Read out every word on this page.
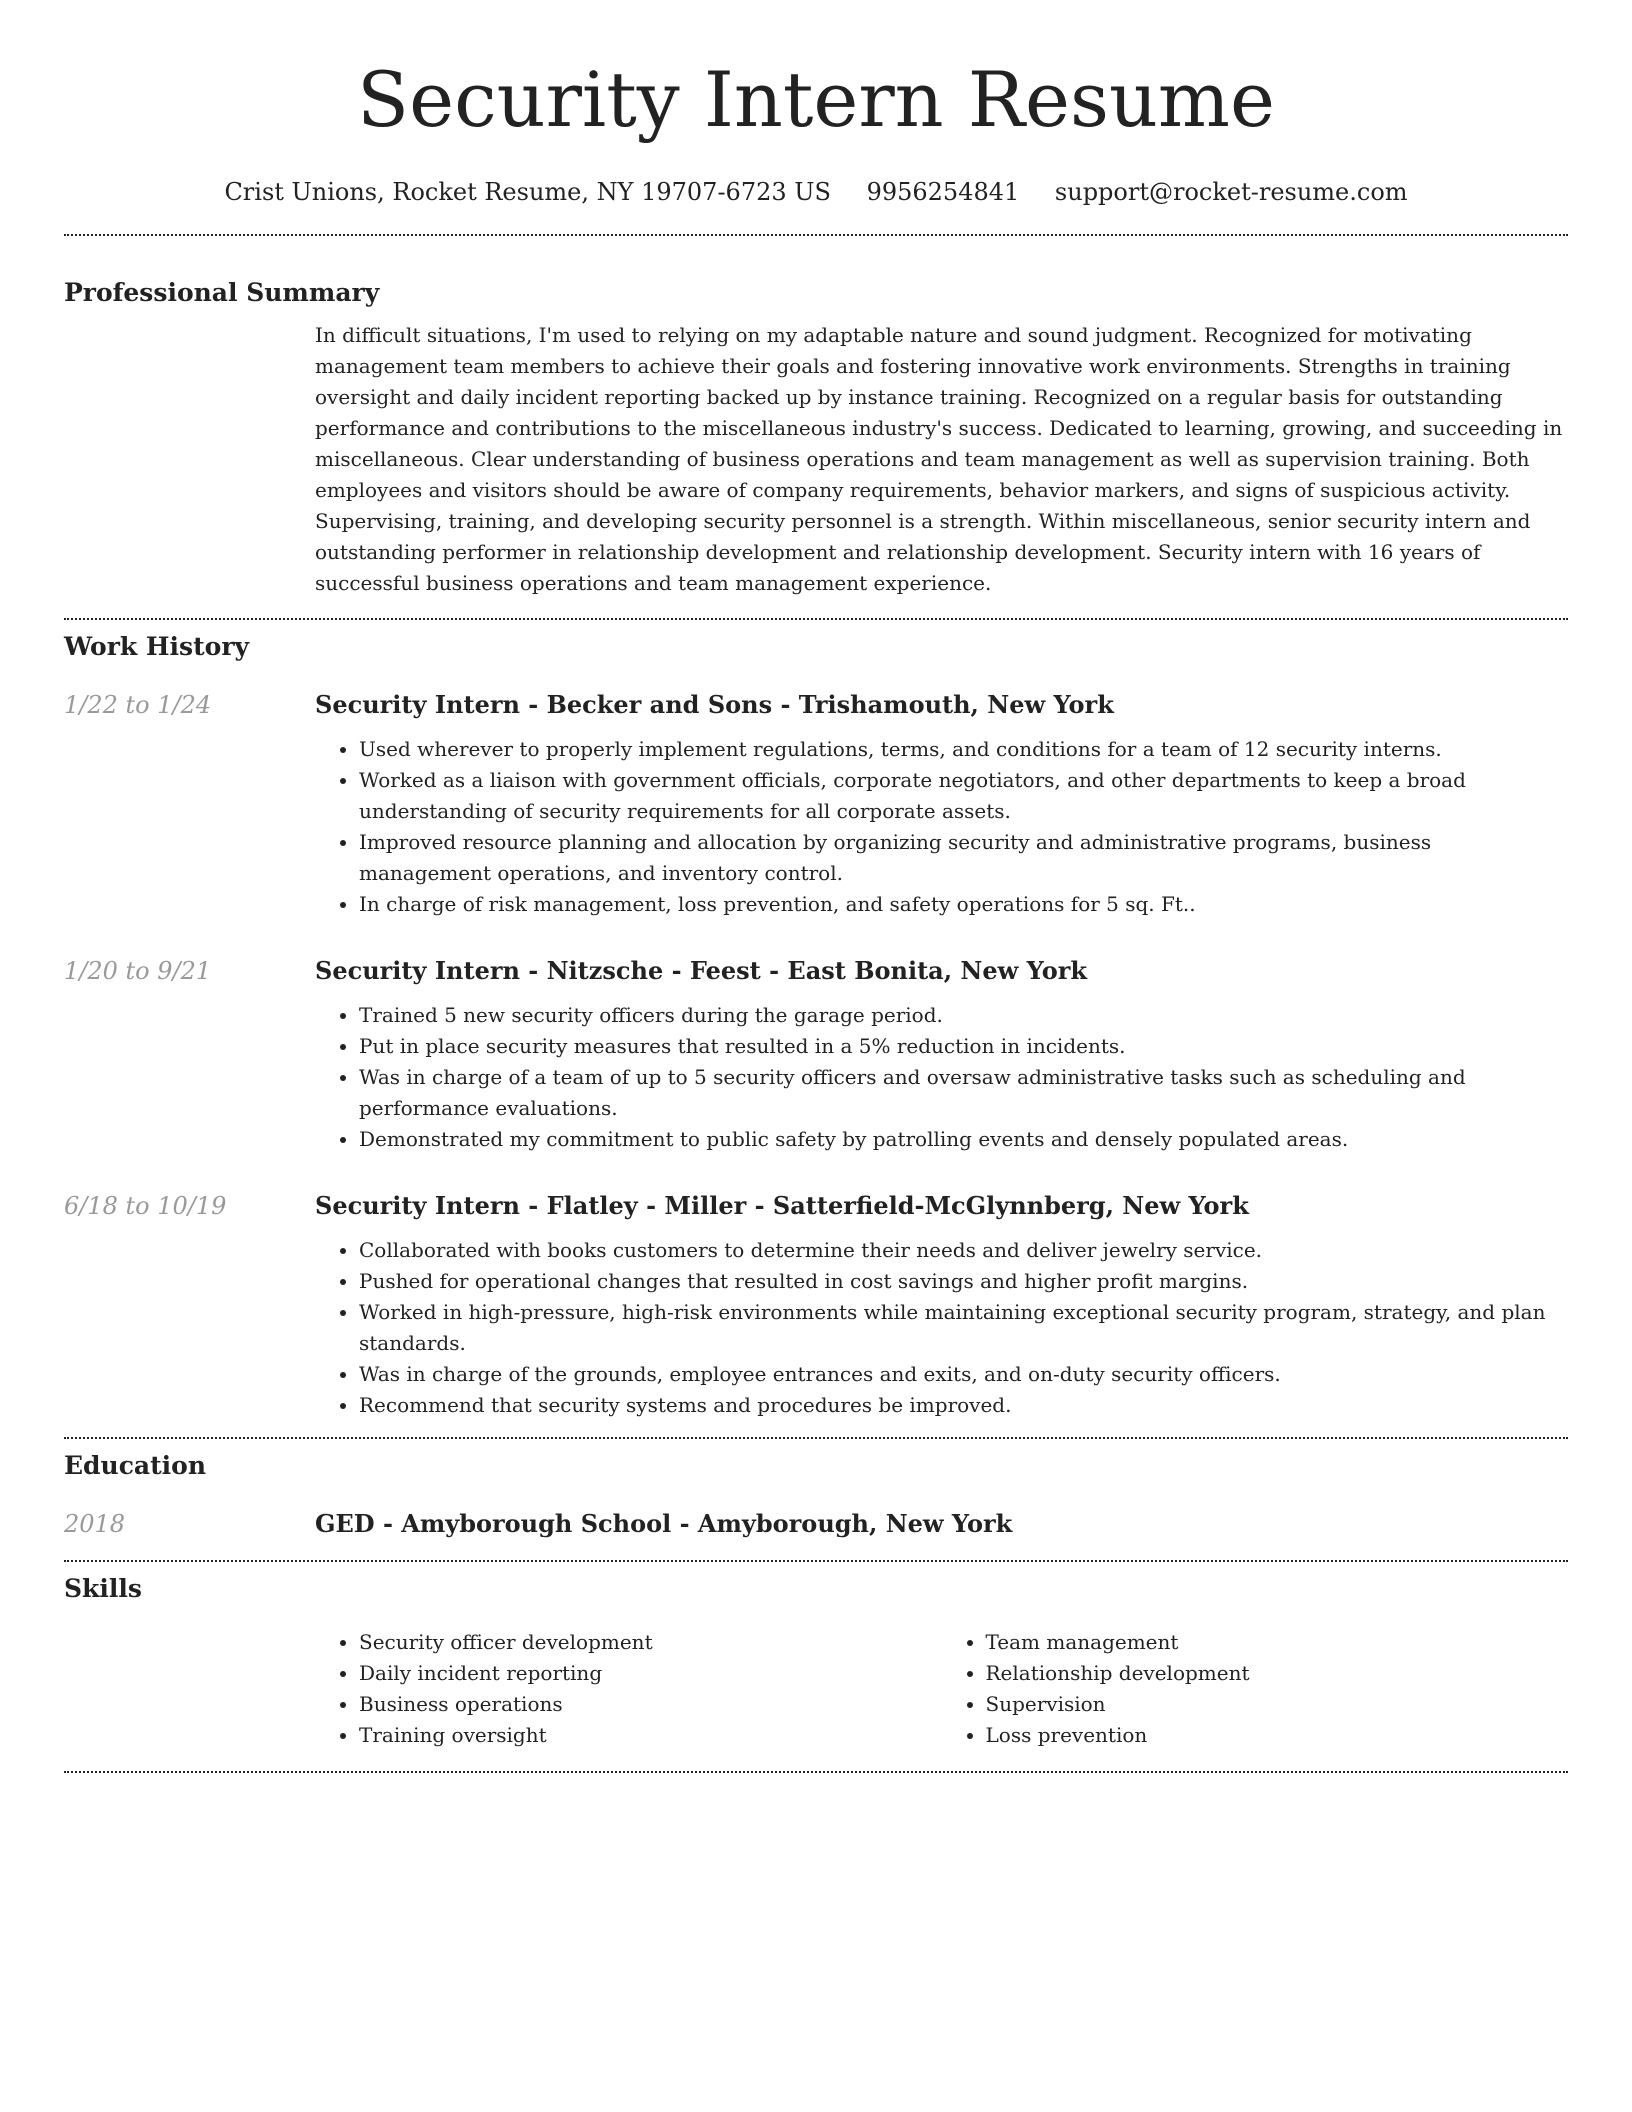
Security Intern Resume
Crist Unions, Rocket Resume, NY 19707-6723 US 9956254841 support@rocket-resume.com
Professional Summary

In difficult situations, I'm used to relying on my adaptable nature and sound judgment. Recognized for motivating management team members to achieve their goals and fostering innovative work environments. Strengths in training oversight and daily incident reporting backed up by instance training. Recognized on a regular basis for outstanding performance and contributions to the miscellaneous industry's success. Dedicated to learning, growing, and succeeding in miscellaneous. Clear understanding of business operations and team management as well as supervision training. Both employees and visitors should be aware of company requirements, behavior markers, and signs of suspicious activity. Supervising, training, and developing security personnel is a strength. Within miscellaneous, senior security intern and outstanding performer in relationship development and relationship development. Security intern with 16 years of successful business operations and team management experience.

Work History
1/22 to 1/24	Security Intern - Becker and Sons - Trishamouth, New York
• Used wherever to properly implement regulations, terms, and conditions for a team of 12 security interns.
• Worked as a liaison with government officials, corporate negotiators, and other departments to keep a broad understanding of security requirements for all corporate assets.
• Improved resource planning and allocation by organizing security and administrative programs, business management operations, and inventory control.
• In charge of risk management, loss prevention, and safety operations for 5 sq. Ft..
1/20 to 9/21	Security Intern - Nitzsche - Feest - East Bonita, New York
• Trained 5 new security officers during the garage period.
• Put in place security measures that resulted in a 5% reduction in incidents.
• Was in charge of a team of up to 5 security officers and oversaw administrative tasks such as scheduling and performance evaluations.
• Demonstrated my commitment to public safety by patrolling events and densely populated areas.
6/18 to 10/19	Security Intern - Flatley - Miller - Satterfield-McGlynnberg, New York
• Collaborated with books customers to determine their needs and deliver jewelry service.
• Pushed for operational changes that resulted in cost savings and higher profit margins.
• Worked in high-pressure, high-risk environments while maintaining exceptional security program, strategy, and plan standards.
• Was in charge of the grounds, employee entrances and exits, and on-duty security officers.
• Recommend that security systems and procedures be improved.
Education
2018	GED - Amyborough School - Amyborough, New York
Skills
• Security officer development
• Daily incident reporting
• Business operations
• Training oversight
• Team management
• Relationship development
• Supervision
• Loss prevention
